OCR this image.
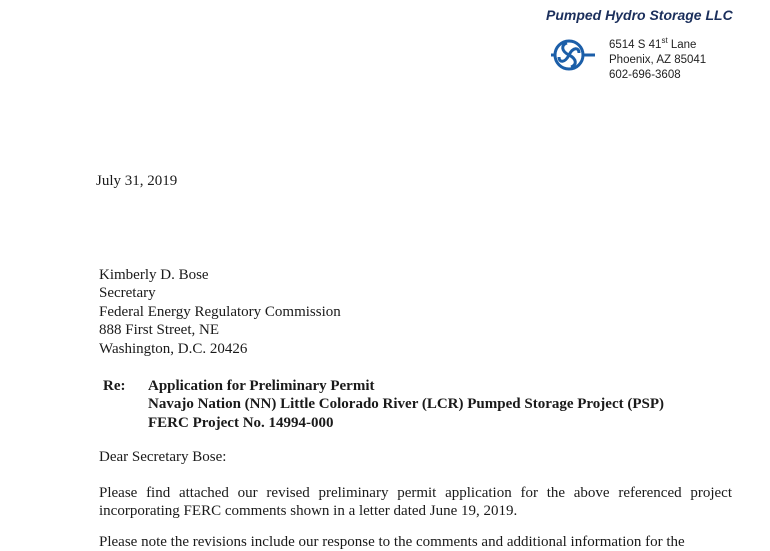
Pumped Hydro Storage LLC
6514 S 41st Lane
Phoenix, AZ 85041
602-696-3608
July 31, 2019
Kimberly D. Bose
Secretary
Federal Energy Regulatory Commission
888 First Street, NE
Washington, D.C. 20426
Re: Application for Preliminary Permit
Navajo Nation (NN) Little Colorado River (LCR) Pumped Storage Project (PSP)
FERC Project No. 14994-000
Dear Secretary Bose:
Please find attached our revised preliminary permit application for the above referenced project incorporating FERC comments shown in a letter dated June 19, 2019.
Please note the revisions include our response to the comments and additional information for the
